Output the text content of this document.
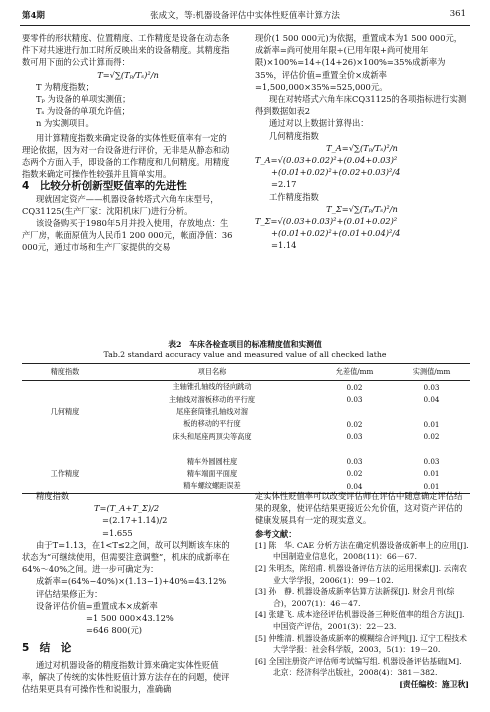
第4期	张成文，等:机器设备评估中实体性贬值率计算方法	361

要零件的形状精度、位置精度、工作精度是设备在动态条件下对共速进行加工时所反映出来的设备精度。其精度指数可用下面的公式计算而得：

T=√∑(Tₚ/Tₛ)²/n

T 为精度指数；

Tₚ 为设备的单项实测值；

Tₛ 为设备的单项允许值；

n 为实测项目。

用计算精度指数来确定设备的实体性贬值率有一定的理论依据，因为对一台设备进行评价，无非是从静态和动态两个方面入手，即设备的工作精度和几何精度。用精度指数来确定可操作性较强并且简单实用。

4　比较分析创新型贬值率的先进性

现就固定资产——机器设备转塔式六角车床型号，CQ31125(生产厂家：沈阳机床厂)进行分析。

该设备购买于1980年5月并投入使用，存放地点：生产厂房，帐面原值为人民币1 200 000元，帐面净值：36 000元，通过市场和生产厂家提供的交易

现价(1 500 000元)为依据，重置成本为1 500 000元，成新率=尚可使用年限÷(已用年限+尚可使用年限)×100%=14÷(14+26)×100%=35%成新率为35%，评估价值=重置全价×成新率=1,500,000×35%=525,000元。

现在对转塔式六角车床CQ31125的各项指标进行实测得到数据如表2

通过对以上数据计算得出：

几何精度指数

T_A=√∑(Tₚ/Tₛ)²/n

T_A=√(0.03+0.02)²+(0.04+0.03)²

+(0.01+0.02)²+(0.02+0.03)²/4

=2.17

工作精度指数

T_Σ=√∑(Tₚ/Tₛ)²/n

T_Σ=√(0.03+0.03)²+(0.01+0.02)²

+(0.01+0.02)²+(0.01+0.04)²/4

=1.14

表2　车床各检查项目的标准精度值和实测值
Tab.2 standard accuracy value and measured value of all checked lathe
精度指数	项目名称	允差值/mm	实测值/mm
	主轴锥孔轴线的径向跳动	0.02	0.03
	主轴线对溜板移动的平行度	0.03	0.04
几何精度	尾座套筒锥孔轴线对溜		
	板的移动的平行度	0.02	0.01
	床头和尾座两顶尖等高度	0.03	0.02

	精车外圆圆柱度	0.03	0.03
工作精度	精车端面平面度	0.02	0.01
	精车螺纹螺距误差	0.04	0.01

精度指数

T=(T_A+T_Σ)/2

=(2.17+1.14)/2

=1.655

由于T=1.13，在1<T≤2之间，故可以判断该车床的状态为“可继续使用，但需要注意调整”，机床的成新率在64%～40%之间。进一步可确定为：

成新率=(64%−40%)×(1.13−1)+40%=43.12%

评估结果修正为：

设备评估价值=重置成本×成新率

=1 500 000×43.12%

=646 800(元)

5　结　论

通过对机器设备的精度指数计算来确定实体性贬值率，解决了传统的实体性贬值计算方法存在的问题，使评估结果更具有可操作性和说服力，准确确

定实体性贬值率可以改变评估师在评估中随意确定评估结果的现象，使评估结果更接近公允价值，这对资产评估的健康发展具有一定的现实意义。

参考文献：

[1] 陈　华. CAE 分析方法在确定机器设备成新率上的应用[J]. 中国制造业信息化，2008(11)：66－67.

[2] 朱明杰，陈绍甫. 机器设备评估方法的运用探索[J]. 云南农业大学学报，2006(1)：99－102.

[3] 孙　静. 机器设备成新率估算方法新探[J]. 财会月刊(综合)，2007(1)：46－47.

[4] 张建飞. 成本途径评估机器设备三种贬值率的组合方法[J]. 中国资产评估，2001(3)：22－23.

[5] 仲维清. 机器设备成新率的模糊综合评判[J]. 辽宁工程技术大学学报：社会科学版，2003，5(1)：19－20.

[6] 全国注册资产评估师考试编写组. 机器设备评估基础[M]. 北京：经济科学出版社，2008(4)：381－382.

[责任编校：施卫秋]
